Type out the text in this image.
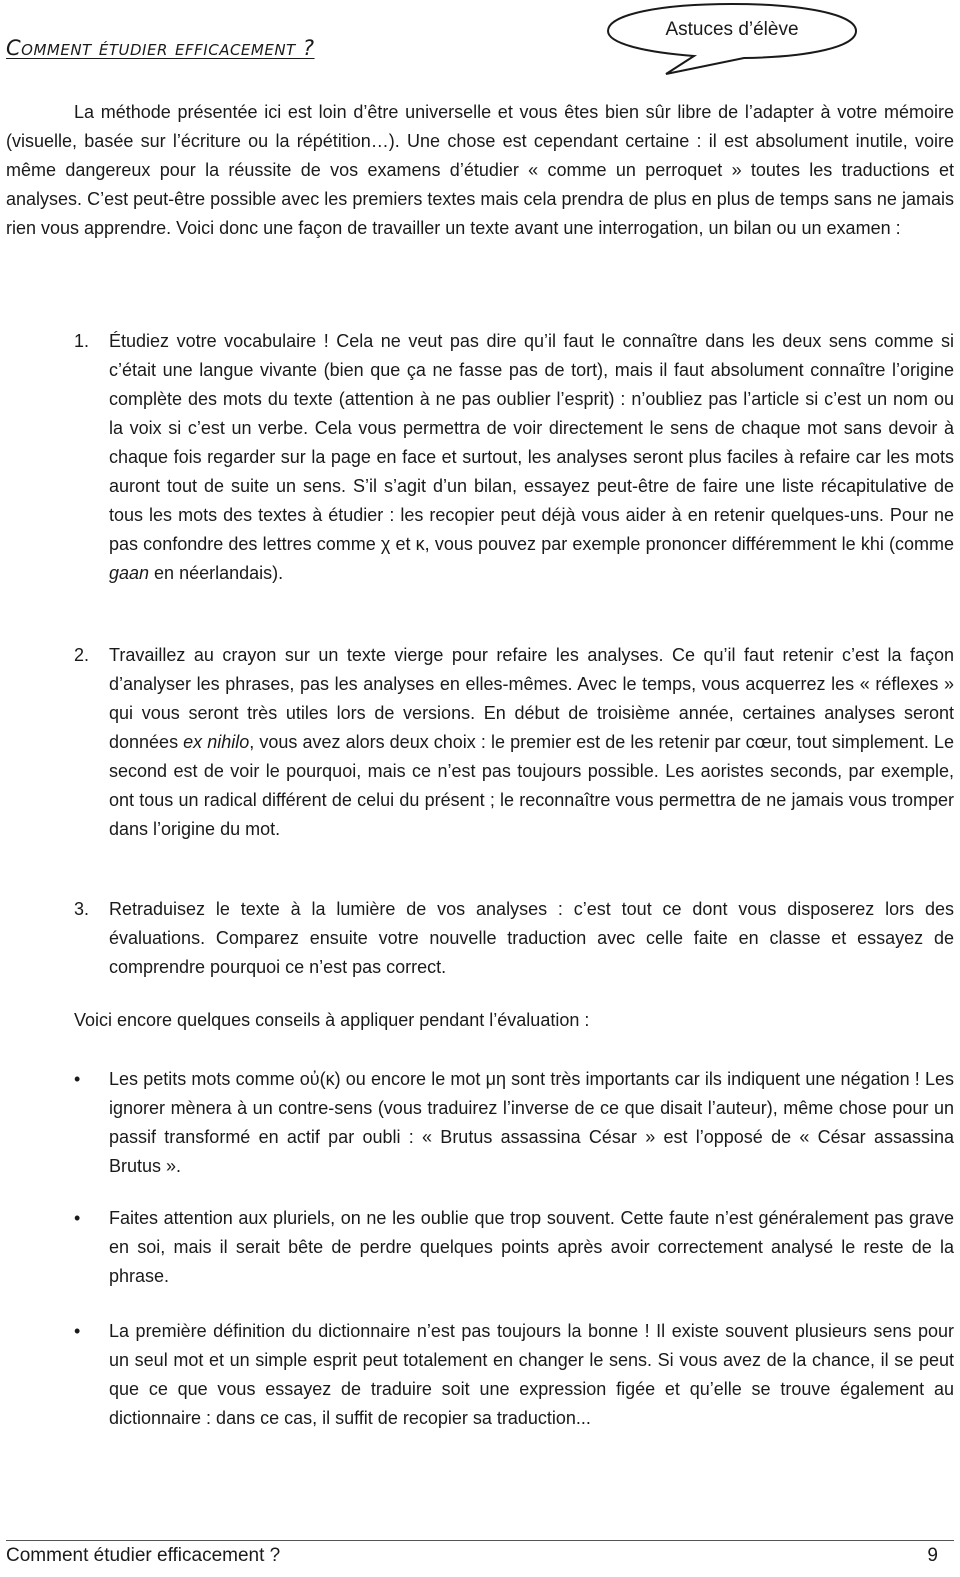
Comment étudier efficacement ?
Astuces d’élève

La méthode présentée ici est loin d’être universelle et vous êtes bien sûr libre de l’adapter à votre mémoire (visuelle, basée sur l’écriture ou la répétition…). Une chose est cependant certaine : il est absolument inutile, voire même dangereux pour la réussite de vos examens d’étudier « comme un perroquet » toutes les traductions et analyses. C’est peut-être possible avec les premiers textes mais cela prendra de plus en plus de temps sans ne jamais rien vous apprendre. Voici donc une façon de travailler un texte avant une interrogation, un bilan ou un examen :

1. Étudiez votre vocabulaire ! Cela ne veut pas dire qu’il faut le connaître dans les deux sens comme si c’était une langue vivante (bien que ça ne fasse pas de tort), mais il faut absolument connaître l’origine complète des mots du texte (attention à ne pas oublier l’esprit) : n’oubliez pas l’article si c’est un nom ou la voix si c’est un verbe. Cela vous permettra de voir directement le sens de chaque mot sans devoir à chaque fois regarder sur la page en face et surtout, les analyses seront plus faciles à refaire car les mots auront tout de suite un sens. S’il s’agit d’un bilan, essayez peut-être de faire une liste récapitulative de tous les mots des textes à étudier : les recopier peut déjà vous aider à en retenir quelques-uns. Pour ne pas confondre des lettres comme χ et κ, vous pouvez par exemple prononcer différemment le khi (comme gaan en néerlandais).

2. Travaillez au crayon sur un texte vierge pour refaire les analyses. Ce qu’il faut retenir c’est la façon d’analyser les phrases, pas les analyses en elles-mêmes. Avec le temps, vous acquerrez les « réflexes » qui vous seront très utiles lors de versions. En début de troisième année, certaines analyses seront données ex nihilo, vous avez alors deux choix : le premier est de les retenir par cœur, tout simplement. Le second est de voir le pourquoi, mais ce n’est pas toujours possible. Les aoristes seconds, par exemple, ont tous un radical différent de celui du présent ; le reconnaître vous permettra de ne jamais vous tromper dans l’origine du mot.

3. Retraduisez le texte à la lumière de vos analyses : c’est tout ce dont vous disposerez lors des évaluations. Comparez ensuite votre nouvelle traduction avec celle faite en classe et essayez de comprendre pourquoi ce n’est pas correct.

Voici encore quelques conseils à appliquer pendant l’évaluation :

• Les petits mots comme οὐ(κ) ou encore le mot μη sont très importants car ils indiquent une négation ! Les ignorer mènera à un contre-sens (vous traduirez l’inverse de ce que disait l’auteur), même chose pour un passif transformé en actif par oubli : « Brutus assassina César » est l’opposé de « César assassina Brutus ».

• Faites attention aux pluriels, on ne les oublie que trop souvent. Cette faute n’est généralement pas grave en soi, mais il serait bête de perdre quelques points après avoir correctement analysé le reste de la phrase.

• La première définition du dictionnaire n’est pas toujours la bonne ! Il existe souvent plusieurs sens pour un seul mot et un simple esprit peut totalement en changer le sens. Si vous avez de la chance, il se peut que ce que vous essayez de traduire soit une expression figée et qu’elle se trouve également au dictionnaire : dans ce cas, il suffit de recopier sa traduction...

Comment étudier efficacement ?	9
